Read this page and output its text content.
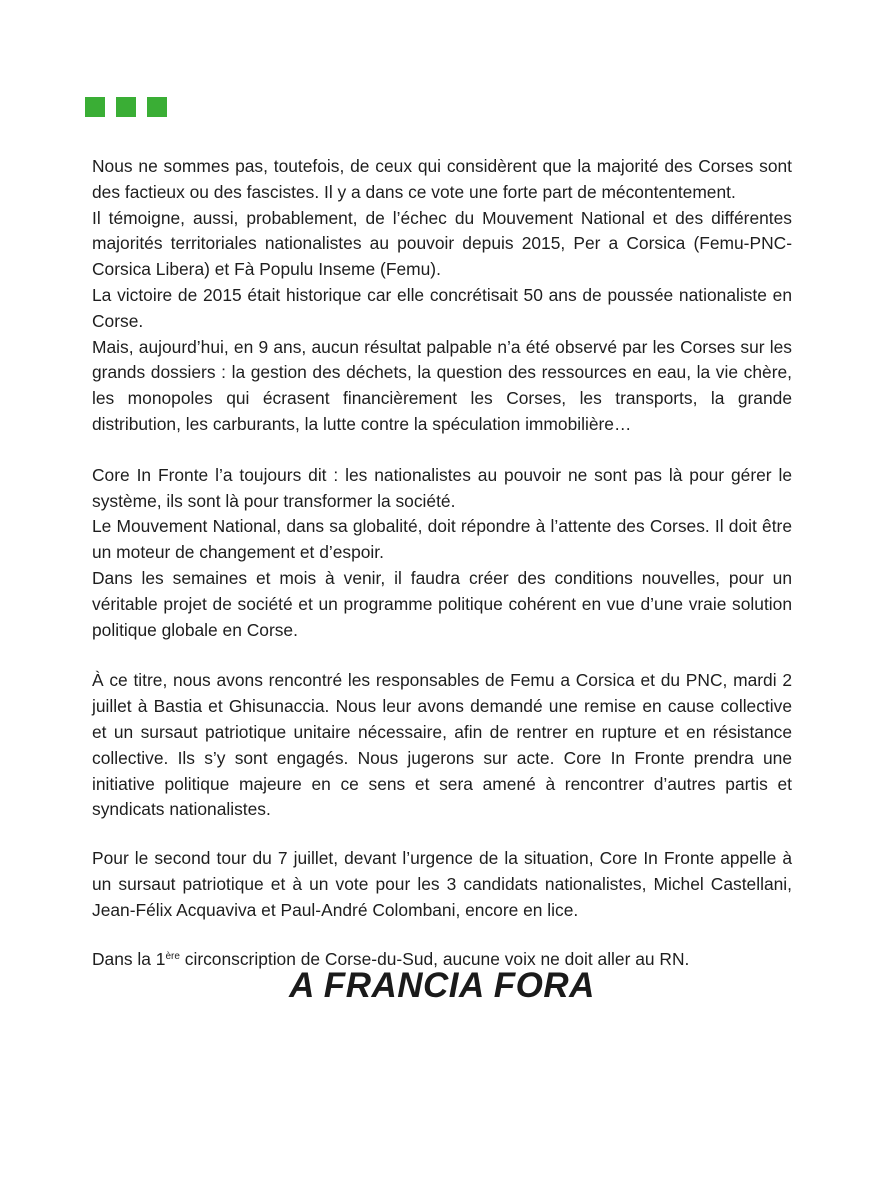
Nous ne sommes pas, toutefois, de ceux qui considèrent que la majorité des Corses sont des factieux ou des fascistes. Il y a dans ce vote une forte part de mécontentement.

Il témoigne, aussi, probablement, de l’échec du Mouvement National et des différentes majorités territoriales nationalistes au pouvoir depuis 2015, Per a Corsica (Femu-PNC-Corsica Libera) et Fà Populu Inseme (Femu).

La victoire de 2015 était historique car elle concrétisait 50 ans de poussée nationaliste en Corse.

Mais, aujourd’hui, en 9 ans, aucun résultat palpable n’a été observé par les Corses sur les grands dossiers : la gestion des déchets, la question des ressources en eau, la vie chère, les monopoles qui écrasent financièrement les Corses, les transports, la grande distribution, les carburants, la lutte contre la spéculation immobilière…

Core In Fronte l’a toujours dit : les nationalistes au pouvoir ne sont pas là pour gérer le système, ils sont là pour transformer la société.

Le Mouvement National, dans sa globalité, doit répondre à l’attente des Corses. Il doit être un moteur de changement et d’espoir.

Dans les semaines et mois à venir, il faudra créer des conditions nouvelles, pour un véritable projet de société et un programme politique cohérent en vue d’une vraie solution politique globale en Corse.

À ce titre, nous avons rencontré les responsables de Femu a Corsica et du PNC, mardi 2 juillet à Bastia et Ghisunaccia. Nous leur avons demandé une remise en cause collective et un sursaut patriotique unitaire nécessaire, afin de rentrer en rupture et en résistance collective. Ils s’y sont engagés. Nous jugerons sur acte. Core In Fronte prendra une initiative politique majeure en ce sens et sera amené à rencontrer d’autres partis et syndicats nationalistes.

Pour le second tour du 7 juillet, devant l’urgence de la situation, Core In Fronte appelle à un sursaut patriotique et à un vote pour les 3 candidats nationalistes, Michel Castellani, Jean-Félix Acquaviva et Paul-André Colombani, encore en lice.

Dans la 1ère circonscription de Corse-du-Sud, aucune voix ne doit aller au RN.

A FRANCIA FORA
